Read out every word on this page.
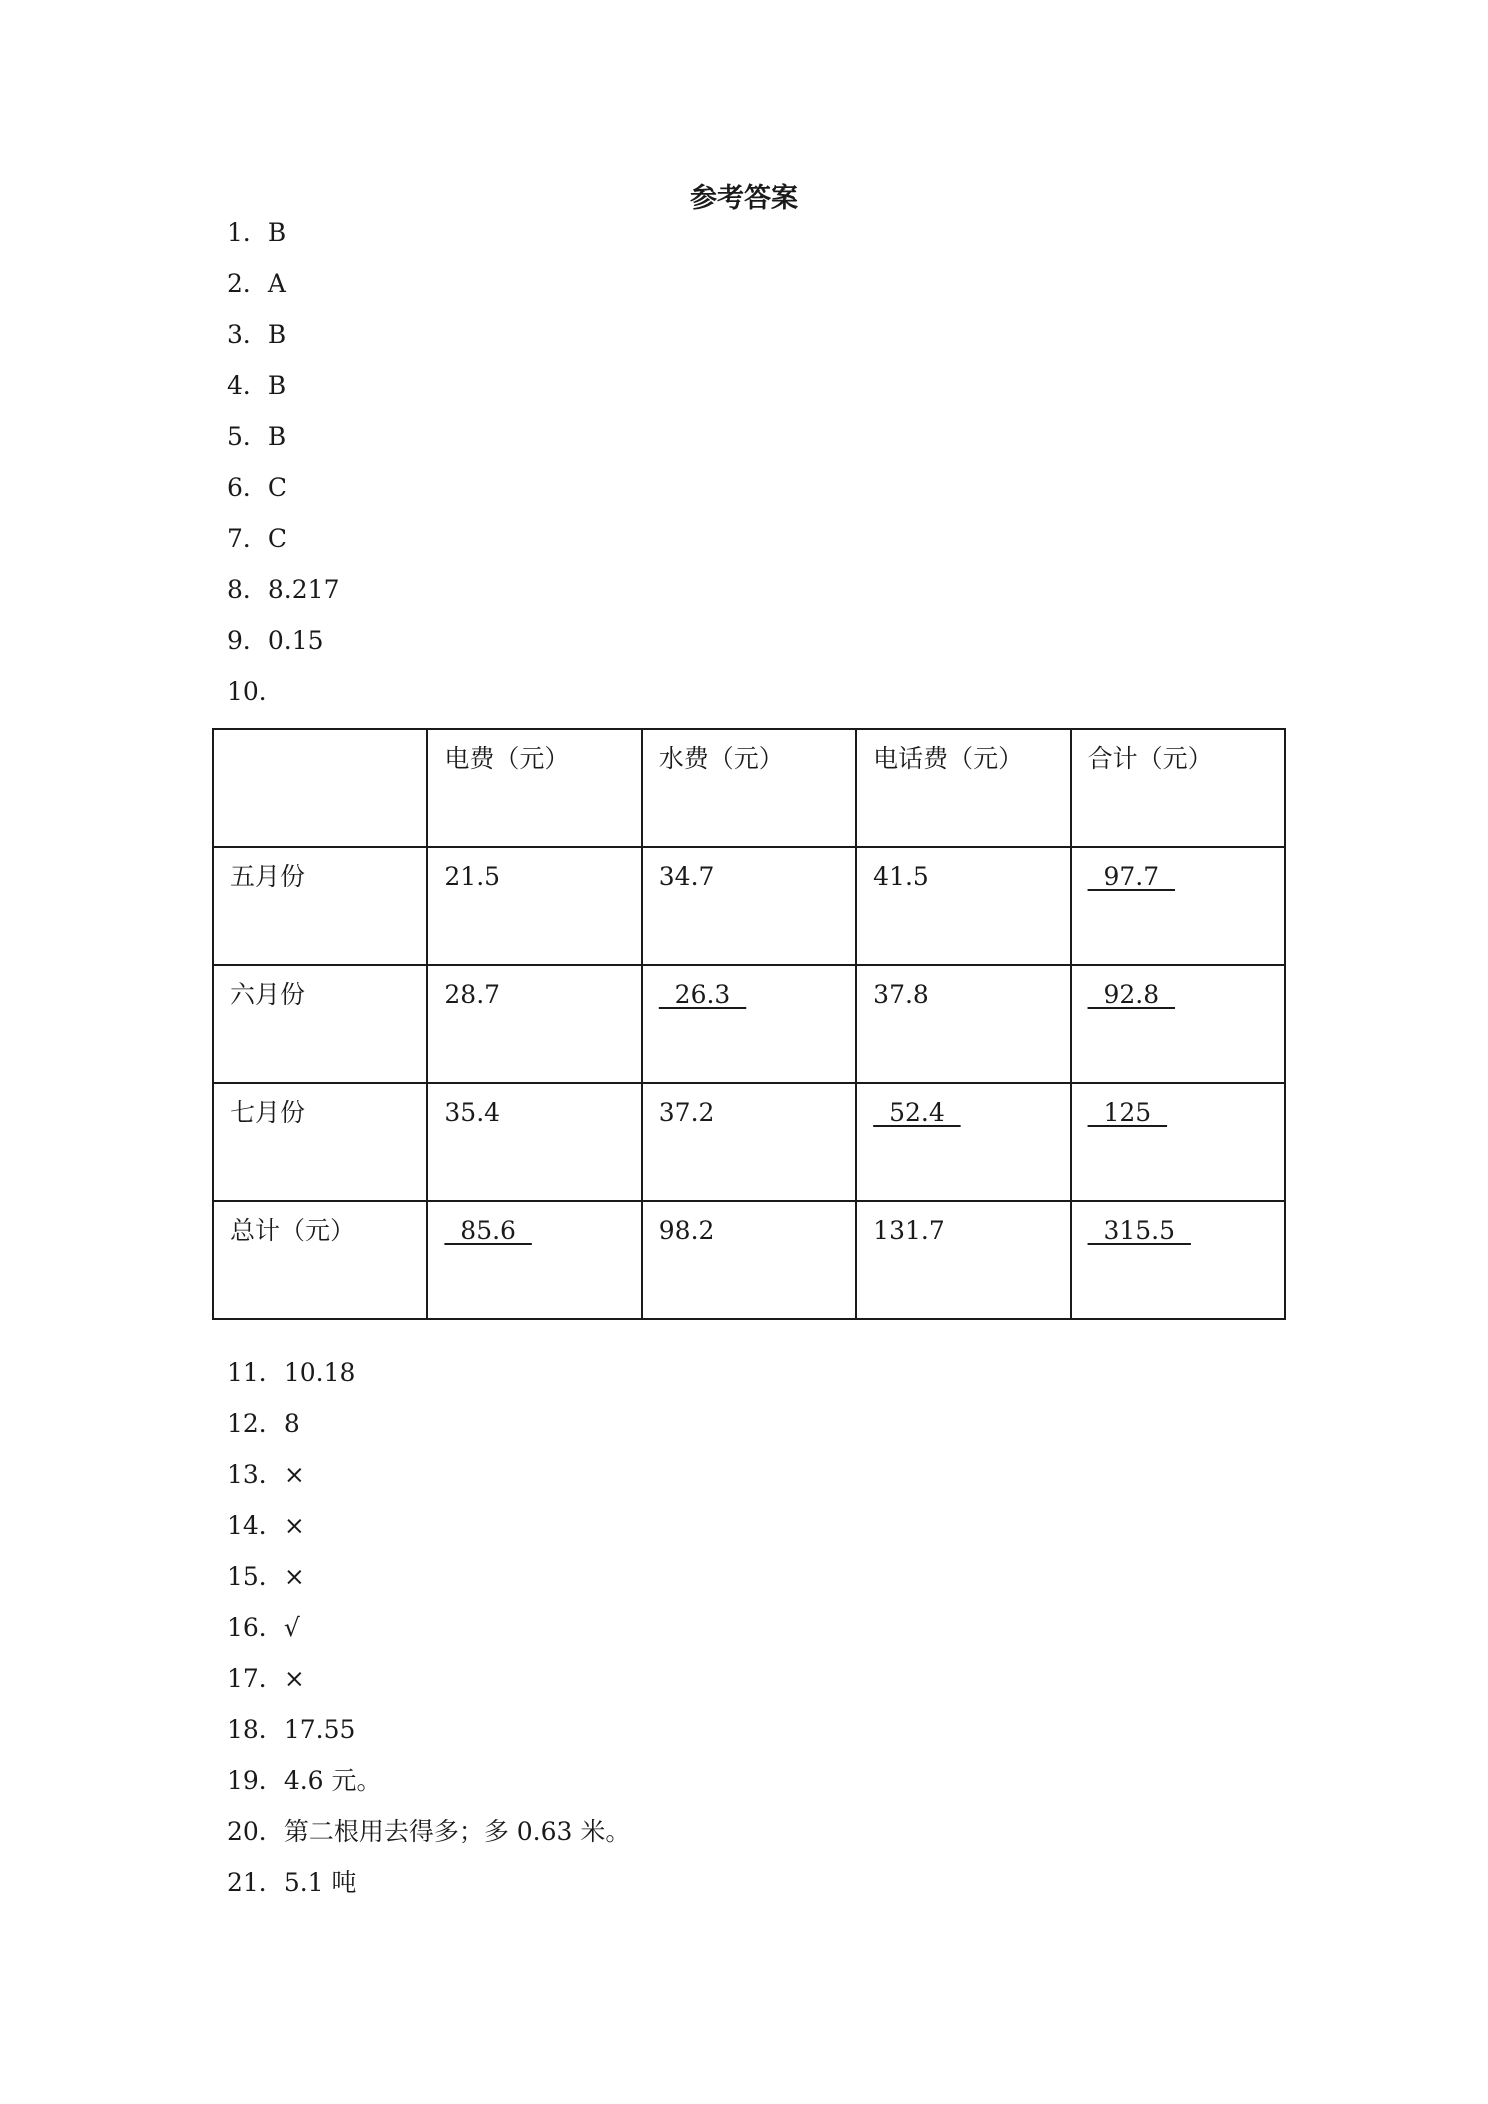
参考答案
1．B
2．A
3．B
4．B
5．B
6．C
7．C
8．8.217
9．0.15
10．
	电费（元）	水费（元）	电话费（元）	合计（元）
五月份	21.5	34.7	41.5	97.7
六月份	28.7	26.3	37.8	92.8
七月份	35.4	37.2	52.4	125
总计（元）	85.6	98.2	131.7	315.5
11．10.18
12．8
13．×
14．×
15．×
16．√
17．×
18．17.55
19．4.6 元。
20．第二根用去得多；多 0.63 米。
21．5.1 吨
